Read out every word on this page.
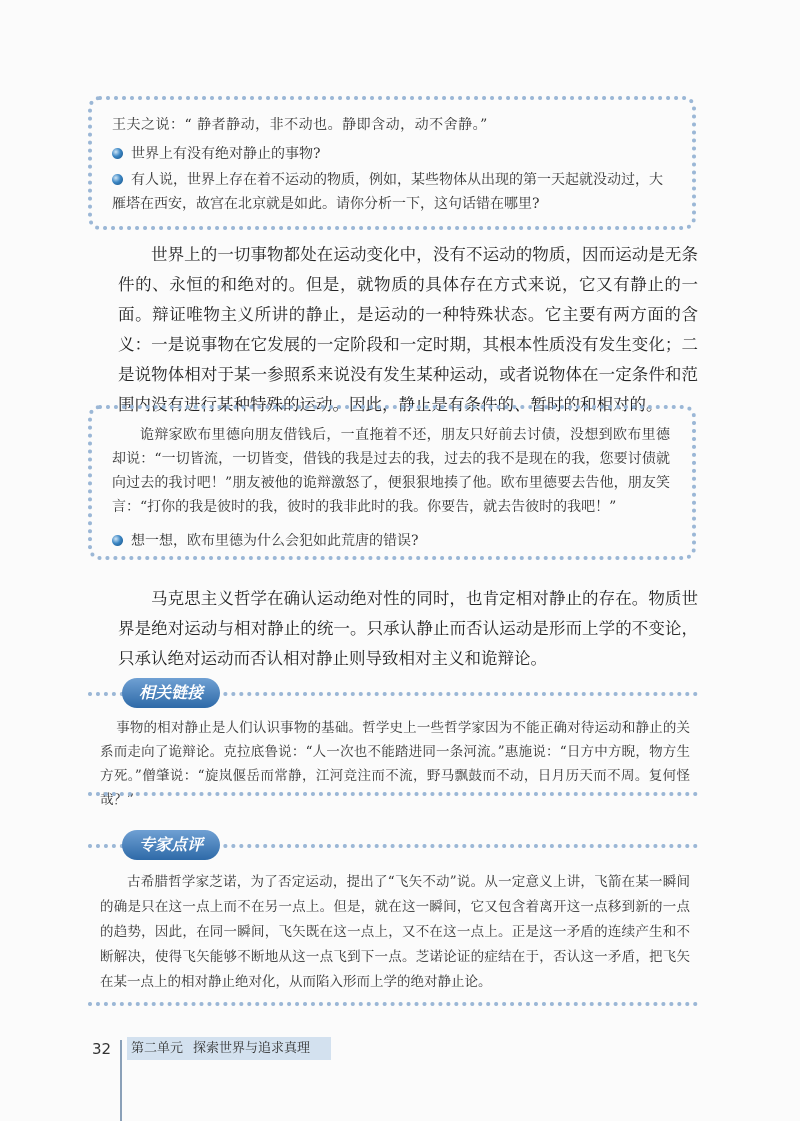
王夫之说：“ 静者静动，非不动也。静即含动，动不舍静。”
世界上有没有绝对静止的事物?
有人说，世界上存在着不运动的物质，例如，某些物体从出现的第一天起就没动过，大雁塔在西安，故宫在北京就是如此。请你分析一下，这句话错在哪里?
世界上的一切事物都处在运动变化中，没有不运动的物质，因而运动是无条件的、永恒的和绝对的。但是，就物质的具体存在方式来说，它又有静止的一面。辩证唯物主义所讲的静止，是运动的一种特殊状态。它主要有两方面的含义：一是说事物在它发展的一定阶段和一定时期，其根本性质没有发生变化；二是说物体相对于某一参照系来说没有发生某种运动，或者说物体在一定条件和范围内没有进行某种特殊的运动。因此，静止是有条件的、暂时的和相对的。
诡辩家欧布里德向朋友借钱后，一直拖着不还，朋友只好前去讨债，没想到欧布里德却说：“一切皆流，一切皆变，借钱的我是过去的我，过去的我不是现在的我，您要讨债就向过去的我讨吧！”朋友被他的诡辩激怒了，便狠狠地揍了他。欧布里德要去告他，朋友笑言：“打你的我是彼时的我，彼时的我非此时的我。你要告，就去告彼时的我吧！”
想一想，欧布里德为什么会犯如此荒唐的错误?
马克思主义哲学在确认运动绝对性的同时，也肯定相对静止的存在。物质世界是绝对运动与相对静止的统一。只承认静止而否认运动是形而上学的不变论，只承认绝对运动而否认相对静止则导致相对主义和诡辩论。
相关链接
事物的相对静止是人们认识事物的基础。哲学史上一些哲学家因为不能正确对待运动和静止的关系而走向了诡辩论。克拉底鲁说：“人一次也不能踏进同一条河流。”惠施说：“日方中方睨，物方生方死。”僧肇说：“旋岚偃岳而常静，江河竞注而不流，野马飘鼓而不动，日月历天而不周。复何怪哉？”
专家点评
古希腊哲学家芝诺，为了否定运动，提出了“飞矢不动”说。从一定意义上讲，飞箭在某一瞬间的确是只在这一点上而不在另一点上。但是，就在这一瞬间，它又包含着离开这一点移到新的一点的趋势，因此，在同一瞬间，飞矢既在这一点上，又不在这一点上。正是这一矛盾的连续产生和不断解决，使得飞矢能够不断地从这一点飞到下一点。芝诺论证的症结在于，否认这一矛盾，把飞矢在某一点上的相对静止绝对化，从而陷入形而上学的绝对静止论。
32	第二单元 探索世界与追求真理
